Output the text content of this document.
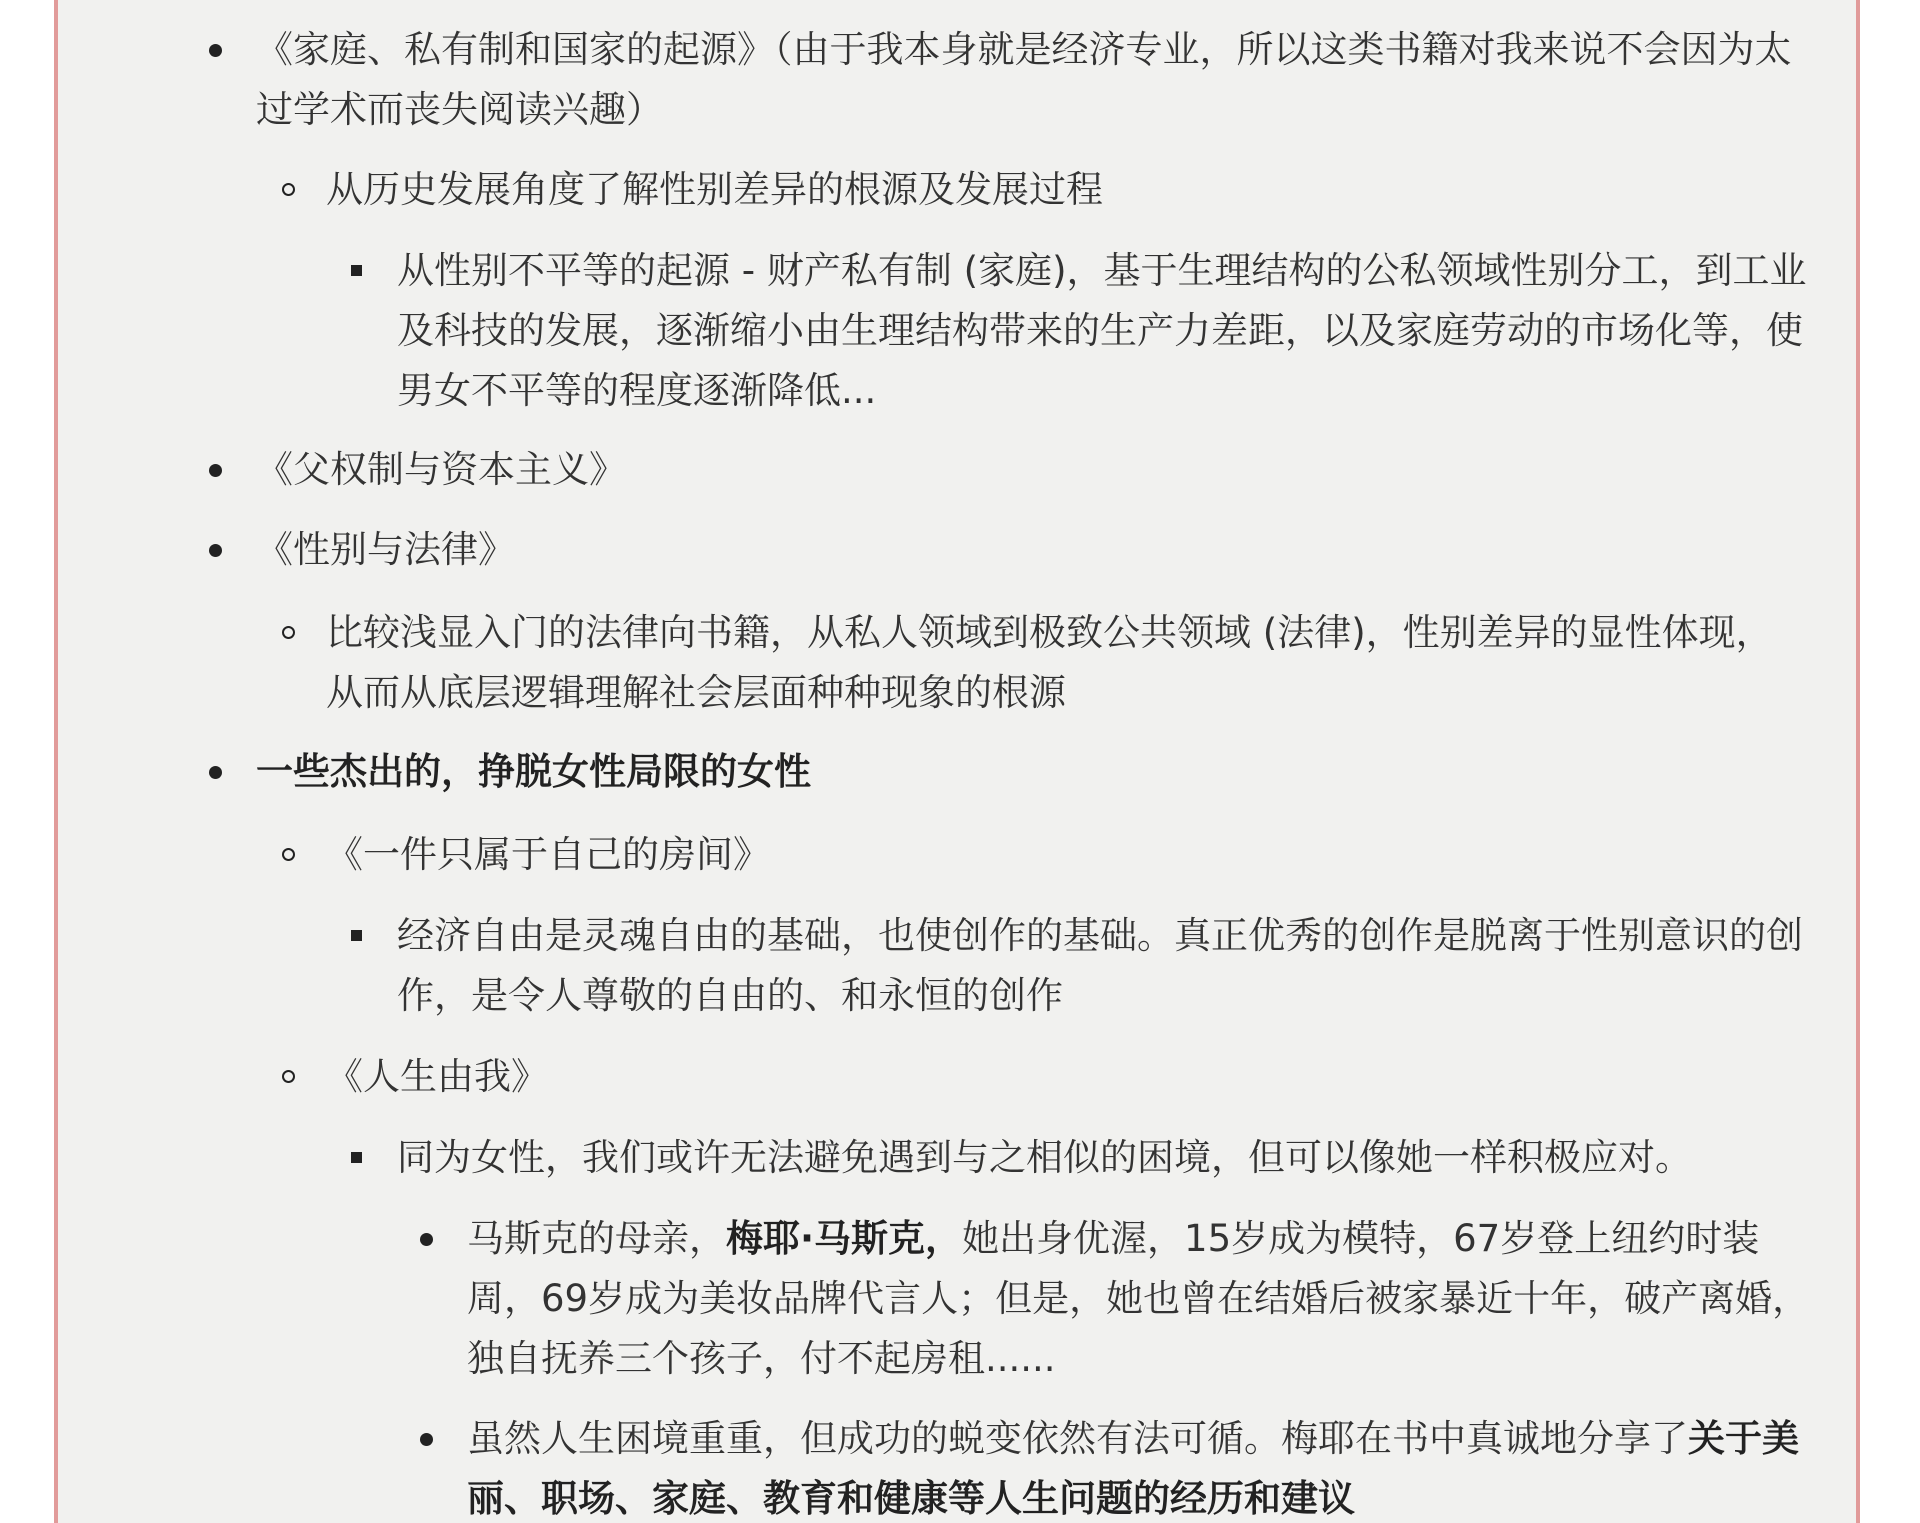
《家庭、私有制和国家的起源》（由于我本身就是经济专业，所以这类书籍对我来说不会因为太过学术而丧失阅读兴趣）

从历史发展角度了解性别差异的根源及发展过程

从性别不平等的起源 - 财产私有制 (家庭)，基于生理结构的公私领域性别分工，到工业及科技的发展，逐渐缩小由生理结构带来的生产力差距，以及家庭劳动的市场化等，使男女不平等的程度逐渐降低...

《父权制与资本主义》

《性别与法律》

比较浅显入门的法律向书籍，从私人领域到极致公共领域 (法律)，性别差异的显性体现，从而从底层逻辑理解社会层面种种现象的根源

一些杰出的，挣脱女性局限的女性

《一件只属于自己的房间》

经济自由是灵魂自由的基础，也使创作的基础。真正优秀的创作是脱离于性别意识的创作，是令人尊敬的自由的、和永恒的创作

《人生由我》

同为女性，我们或许无法避免遇到与之相似的困境，但可以像她一样积极应对。

马斯克的母亲，梅耶·马斯克，她出身优渥，15岁成为模特，67岁登上纽约时装周，69岁成为美妆品牌代言人；但是，她也曾在结婚后被家暴近十年，破产离婚，独自抚养三个孩子，付不起房租......

虽然人生困境重重，但成功的蜕变依然有法可循。梅耶在书中真诚地分享了关于美丽、职场、家庭、教育和健康等人生问题的经历和建议
